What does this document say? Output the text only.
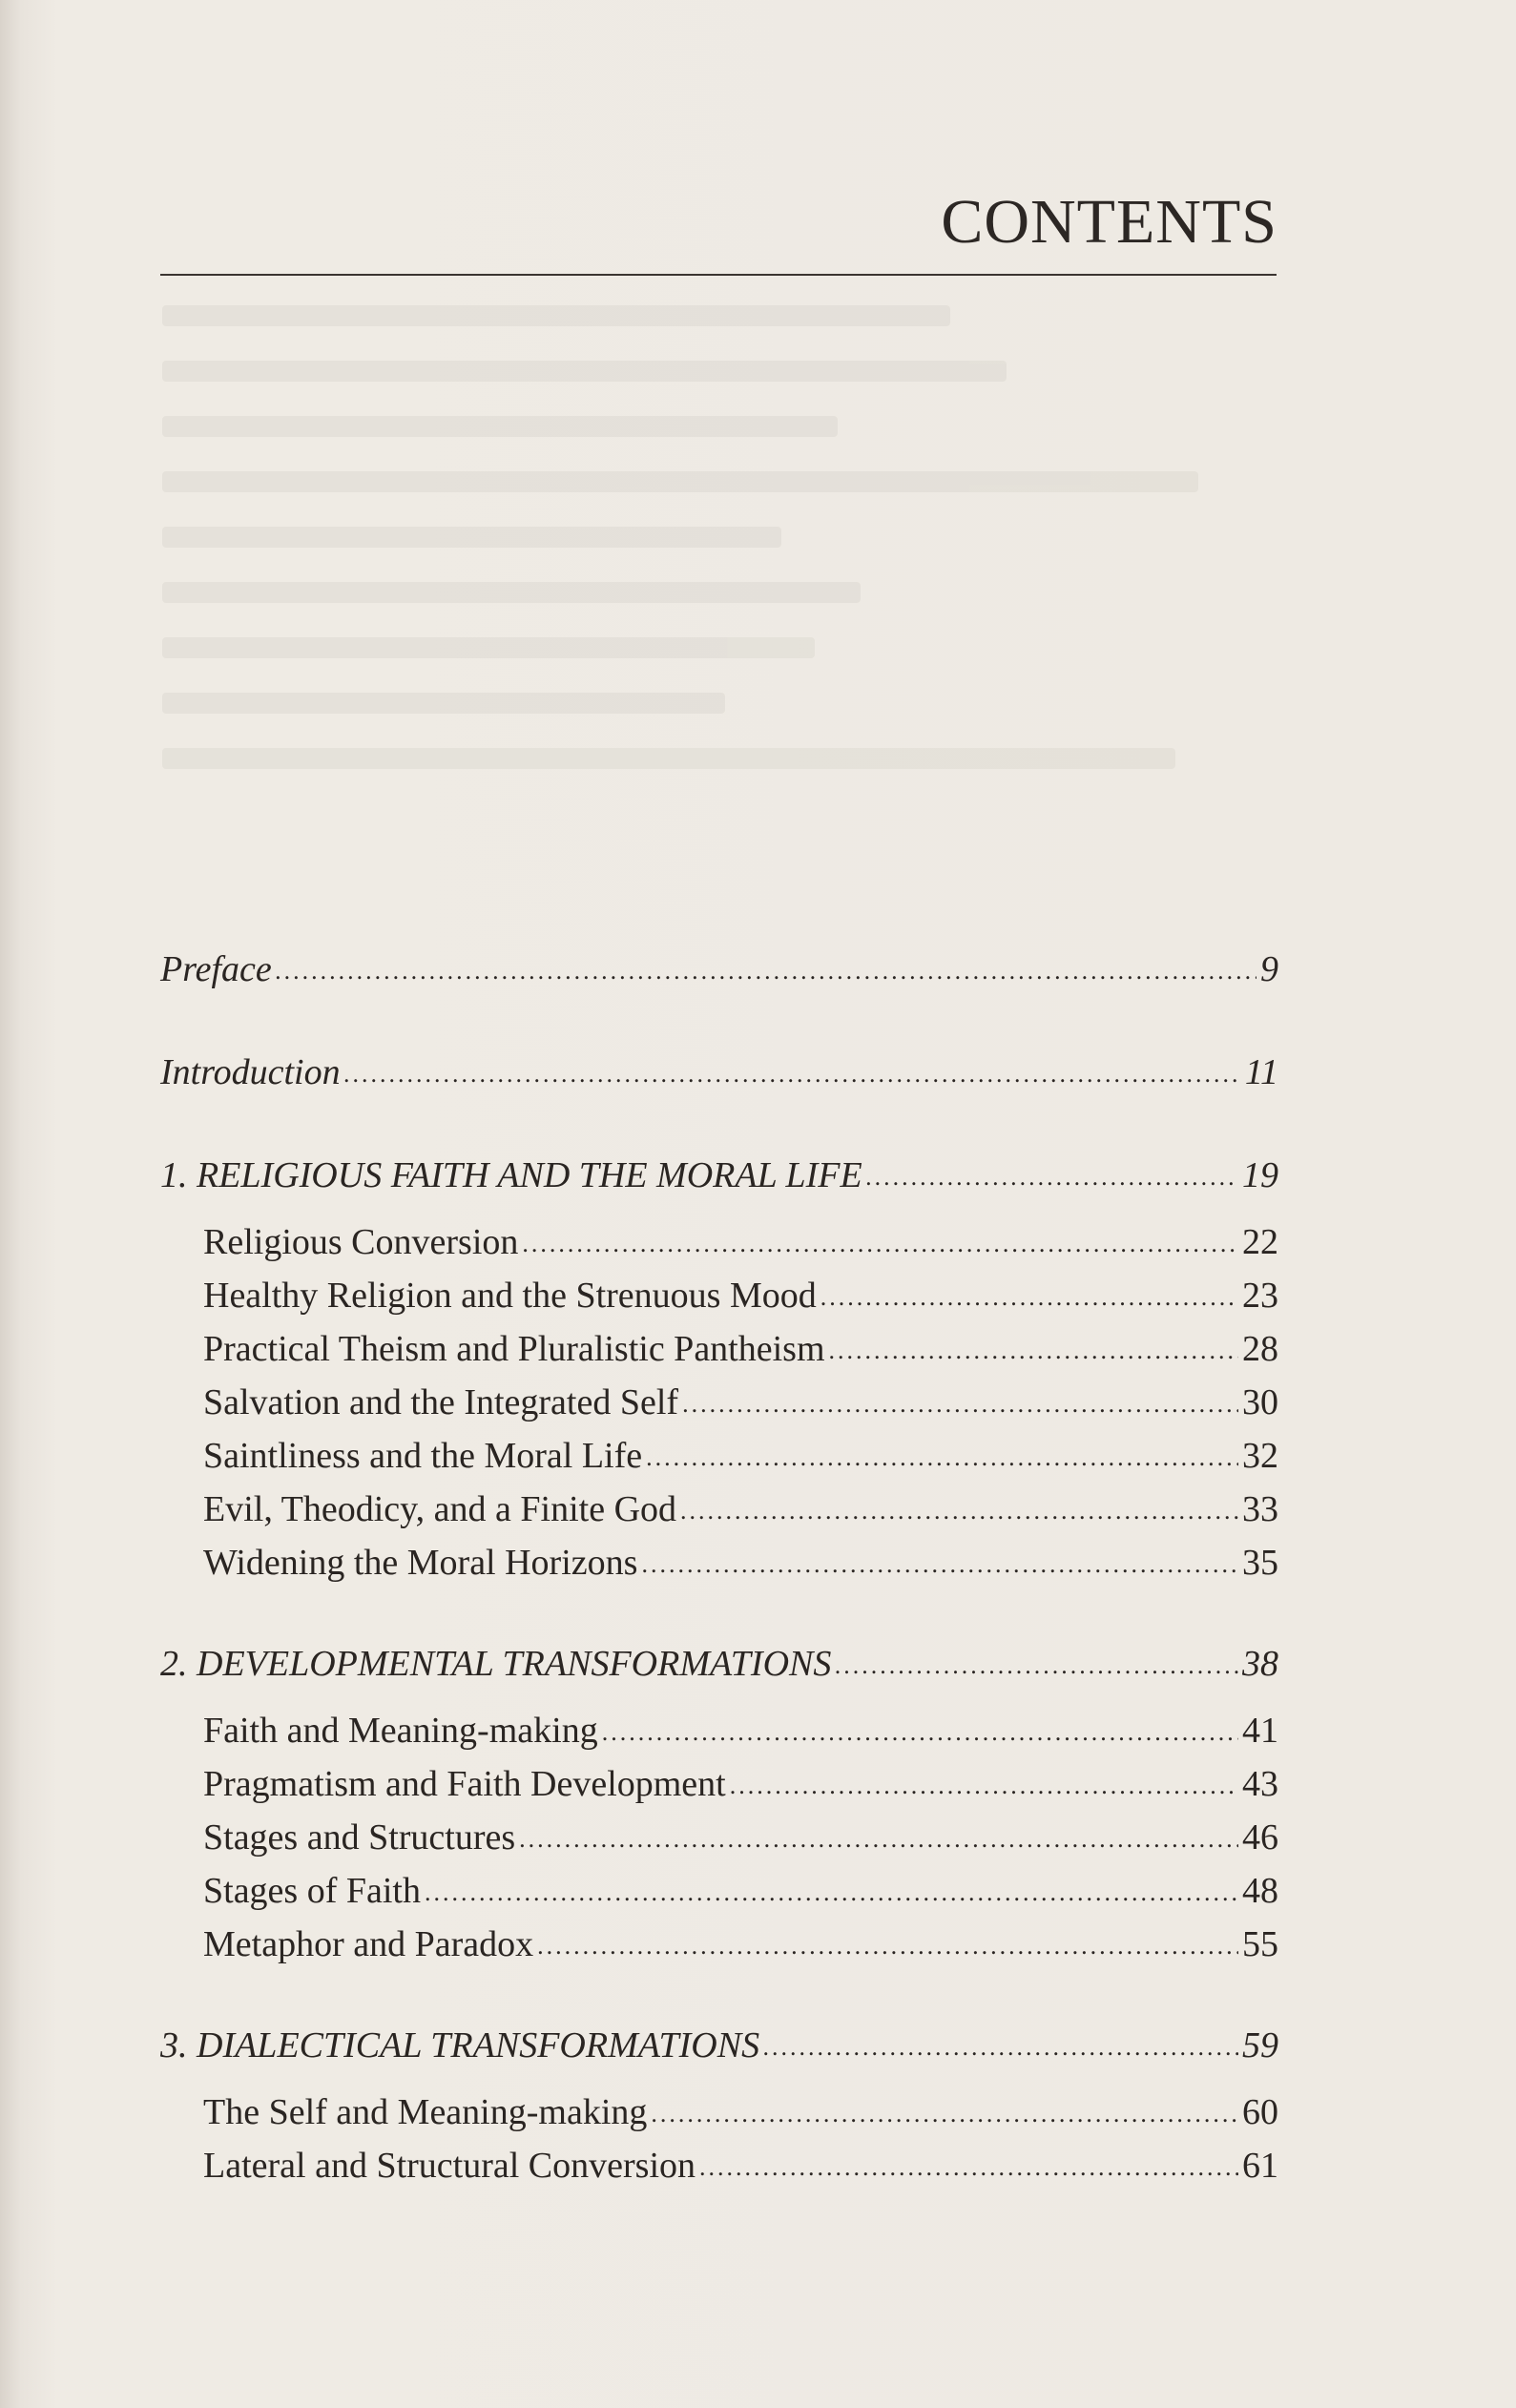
CONTENTS
Preface .....	9
Introduction .....	11
1. RELIGIOUS FAITH AND THE MORAL LIFE .....	19
Religious Conversion .....	22
Healthy Religion and the Strenuous Mood .....	23
Practical Theism and Pluralistic Pantheism .....	28
Salvation and the Integrated Self .....	30
Saintliness and the Moral Life .....	32
Evil, Theodicy, and a Finite God .....	33
Widening the Moral Horizons .....	35
2. DEVELOPMENTAL TRANSFORMATIONS .....	38
Faith and Meaning-making .....	41
Pragmatism and Faith Development .....	43
Stages and Structures .....	46
Stages of Faith .....	48
Metaphor and Paradox .....	55
3. DIALECTICAL TRANSFORMATIONS .....	59
The Self and Meaning-making .....	60
Lateral and Structural Conversion .....	61
